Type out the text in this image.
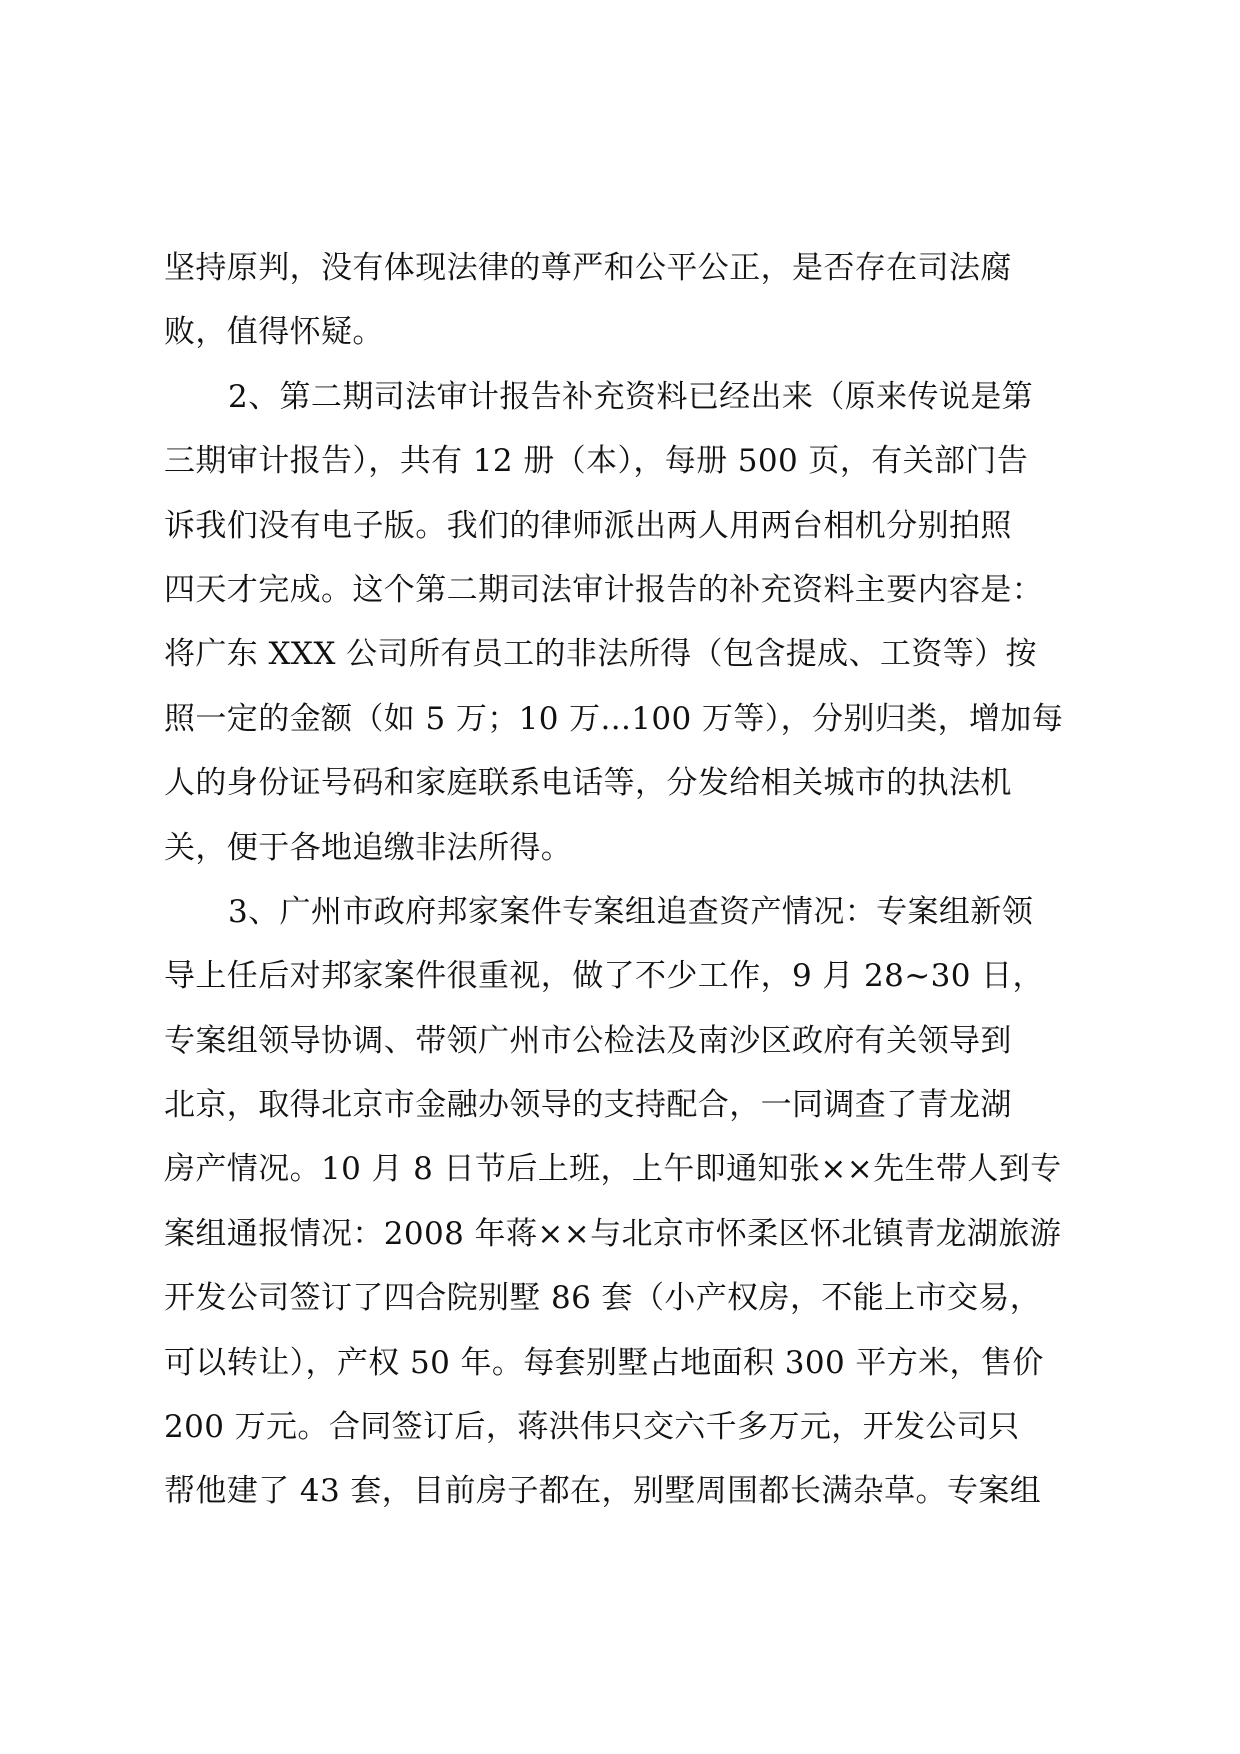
坚持原判，没有体现法律的尊严和公平公正，是否存在司法腐
败，值得怀疑。
2、第二期司法审计报告补充资料已经出来（原来传说是第
三期审计报告），共有 12 册（本），每册 500 页，有关部门告
诉我们没有电子版。我们的律师派出两人用两台相机分别拍照
四天才完成。这个第二期司法审计报告的补充资料主要内容是：
将广东 XXX 公司所有员工的非法所得（包含提成、工资等）按
照一定的金额（如 5 万；10 万...100 万等），分别归类，增加每
人的身份证号码和家庭联系电话等，分发给相关城市的执法机
关，便于各地追缴非法所得。
3、广州市政府邦家案件专案组追查资产情况：专案组新领
导上任后对邦家案件很重视，做了不少工作，9 月 28~30 日，
专案组领导协调、带领广州市公检法及南沙区政府有关领导到
北京，取得北京市金融办领导的支持配合，一同调查了青龙湖
房产情况。10 月 8 日节后上班，上午即通知张××先生带人到专
案组通报情况：2008 年蒋××与北京市怀柔区怀北镇青龙湖旅游
开发公司签订了四合院别墅 86 套（小产权房，不能上市交易，
可以转让），产权 50 年。每套别墅占地面积 300 平方米，售价
200 万元。合同签订后，蒋洪伟只交六千多万元，开发公司只
帮他建了 43 套，目前房子都在，别墅周围都长满杂草。专案组
